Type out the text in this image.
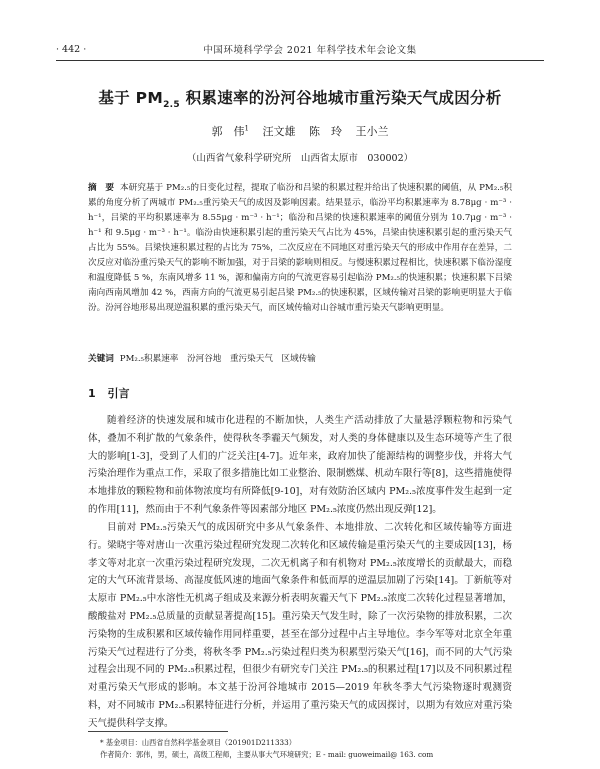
· 442 ·	中国环境科学学会 2021 年科学技术年会论文集
基于 $PM_{2.5}$ 积累速率的汾河谷地城市重污染天气成因分析
郭　伟$^1$ 汪文雄 陈　玲 王小兰
（山西省气象科学研究所　山西省太原市　030002）
摘　要 本研究基于 PM₂.₅的日变化过程，提取了临汾和吕梁的积累过程并给出了快速积累的阈值，从 PM₂.₅积累的角度分析了两城市 PM₂.₅重污染天气的成因及影响因素。结果显示，临汾平均积累速率为 8.78μg · m⁻³ · h⁻¹，吕梁的平均积累速率为 8.55μg · m⁻³ · h⁻¹；临汾和吕梁的快速积累速率的阈值分别为 10.7μg · m⁻³ · h⁻¹ 和 9.5μg · m⁻³ · h⁻¹。临汾由快速积累引起的重污染天气占比为 45%，吕梁由快速积累引起的重污染天气占比为 55%。吕梁快速积累过程的占比为 75%，二次反应在不同地区对重污染天气的形成中作用存在差异，二次反应对临汾重污染天气的影响不断加强，对于吕梁的影响则相反。与慢速积累过程相比，快速积累下临汾湿度和温度降低 5 %，东南风增多 11 %，源和偏南方向的气流更容易引起临汾 PM₂.₅的快速积累；快速积累下吕梁南向西南风增加 42 %，西南方向的气流更易引起吕梁 PM₂.₅的快速积累，区域传输对吕梁的影响更明显大于临汾。汾河谷地形易出现逆温积累的重污染天气，而区域传输对山谷城市重污染天气影响更明显。
关键词 PM₂.₅积累速率　汾河谷地　重污染天气　区域传输
1 引言
随着经济的快速发展和城市化进程的不断加快，人类生产活动排放了大量悬浮颗粒物和污染气体，叠加不利扩散的气象条件，使得秋冬季霾天气频发，对人类的身体健康以及生态环境等产生了很大的影响[1-3]，受到了人们的广泛关注[4-7]。近年来，政府加快了能源结构的调整步伐，并将大气污染治理作为重点工作，采取了很多措施比如工业整治、限制燃煤、机动车限行等[8]，这些措施使得本地排放的颗粒物和前体物浓度均有所降低[9-10]，对有效防治区域内 PM₂.₅浓度事件发生起到一定的作用[11]，然而由于不利气象条件等因素部分地区 PM₂.₅浓度仍然出现反弹[12]。
目前对 PM₂.₅污染天气的成因研究中多从气象条件、本地排放、二次转化和区域传输等方面进行。梁晓宇等对唐山一次重污染过程研究发现二次转化和区域传输是重污染天气的主要成因[13]，杨孝文等对北京一次重污染过程研究发现，二次无机离子和有机物对 PM₂.₅浓度增长的贡献最大，而稳定的大气环流背景场、高湿度低风速的地面气象条件和低而厚的逆温层加剧了污染[14]。丁新航等对太原市 PM₂.₅中水溶性无机离子组成及来源分析表明灰霾天气下 PM₂.₅浓度二次转化过程显著增加，酸酸盐对 PM₂.₅总质量的贡献显著提高[15]。重污染天气发生时，除了一次污染物的排放积累，二次污染物的生成积累和区域传输作用同样重要，甚至在部分过程中占主导地位。李今军等对北京全年重污染天气过程进行了分类，将秋冬季 PM₂.₅污染过程归类为积累型污染天气[16]，而不同的大气污染过程会出现不同的 PM₂.₅积累过程，但很少有研究专门关注 PM₂.₅的积累过程[17]以及不同积累过程对重污染天气形成的影响。本文基于汾河谷地城市 2015—2019 年秋冬季大气污染物逐时观测资料，对不同城市 PM₂.₅积累特征进行分析，并运用了重污染天气的成因探讨，以期为有效应对重污染天气提供科学支撑。
* 基金项目：山西省自然科学基金项目（201901D211333）
作者简介：郭伟，男，硕士，高级工程师，主要从事大气环境研究；E - mail: guoweimail@ 163. com
